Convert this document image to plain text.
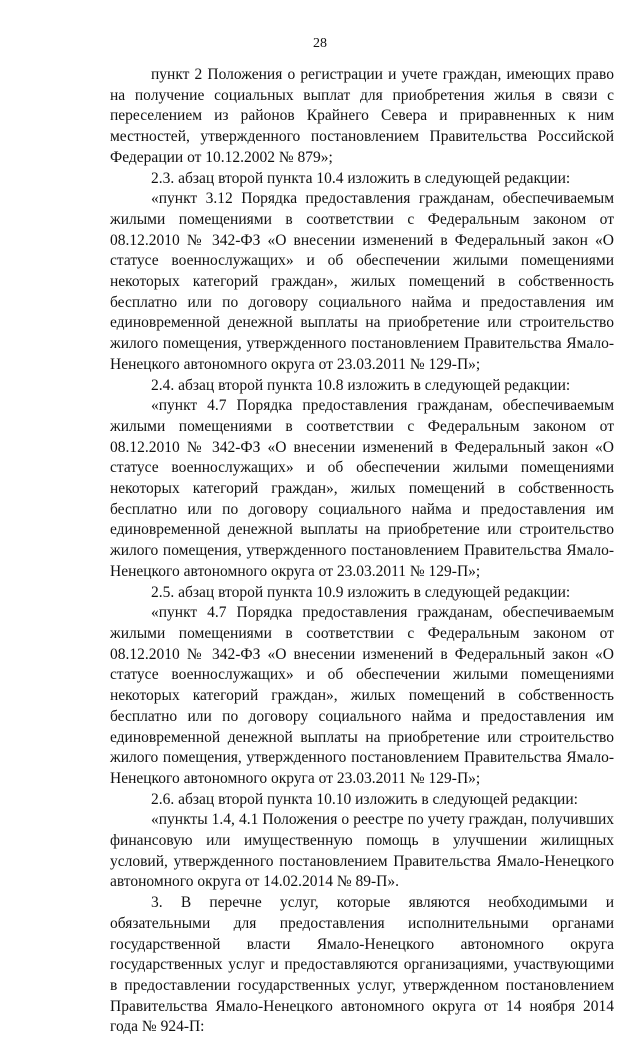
28

пункт 2 Положения о регистрации и учете граждан, имеющих право на получение социальных выплат для приобретения жилья в связи с переселением из районов Крайнего Севера и приравненных к ним местностей, утвержденного постановлением Правительства Российской Федерации от 10.12.2002 № 879»;

2.3. абзац второй пункта 10.4 изложить в следующей редакции:

«пункт 3.12 Порядка предоставления гражданам, обеспечиваемым жилыми помещениями в соответствии с Федеральным законом от 08.12.2010 № 342-ФЗ «О внесении изменений в Федеральный закон «О статусе военнослужащих» и об обеспечении жилыми помещениями некоторых категорий граждан», жилых помещений в собственность бесплатно или по договору социального найма и предоставления им единовременной денежной выплаты на приобретение или строительство жилого помещения, утвержденного постановлением Правительства Ямало-Ненецкого автономного округа от 23.03.2011 № 129-П»;

2.4. абзац второй пункта 10.8 изложить в следующей редакции:

«пункт 4.7 Порядка предоставления гражданам, обеспечиваемым жилыми помещениями в соответствии с Федеральным законом от 08.12.2010 № 342-ФЗ «О внесении изменений в Федеральный закон «О статусе военнослужащих» и об обеспечении жилыми помещениями некоторых категорий граждан», жилых помещений в собственность бесплатно или по договору социального найма и предоставления им единовременной денежной выплаты на приобретение или строительство жилого помещения, утвержденного постановлением Правительства Ямало-Ненецкого автономного округа от 23.03.2011 № 129-П»;

2.5. абзац второй пункта 10.9 изложить в следующей редакции:

«пункт 4.7 Порядка предоставления гражданам, обеспечиваемым жилыми помещениями в соответствии с Федеральным законом от 08.12.2010 № 342-ФЗ «О внесении изменений в Федеральный закон «О статусе военнослужащих» и об обеспечении жилыми помещениями некоторых категорий граждан», жилых помещений в собственность бесплатно или по договору социального найма и предоставления им единовременной денежной выплаты на приобретение или строительство жилого помещения, утвержденного постановлением Правительства Ямало-Ненецкого автономного округа от 23.03.2011 № 129-П»;

2.6. абзац второй пункта 10.10 изложить в следующей редакции:

«пункты 1.4, 4.1 Положения о реестре по учету граждан, получивших финансовую или имущественную помощь в улучшении жилищных условий, утвержденного постановлением Правительства Ямало-Ненецкого автономного округа от 14.02.2014 № 89-П».

3. В перечне услуг, которые являются необходимыми и обязательными для предоставления исполнительными органами государственной власти Ямало-Ненецкого автономного округа государственных услуг и предоставляются организациями, участвующими в предоставлении государственных услуг, утвержденном постановлением Правительства Ямало-Ненецкого автономного округа от 14 ноября 2014 года № 924-П:
